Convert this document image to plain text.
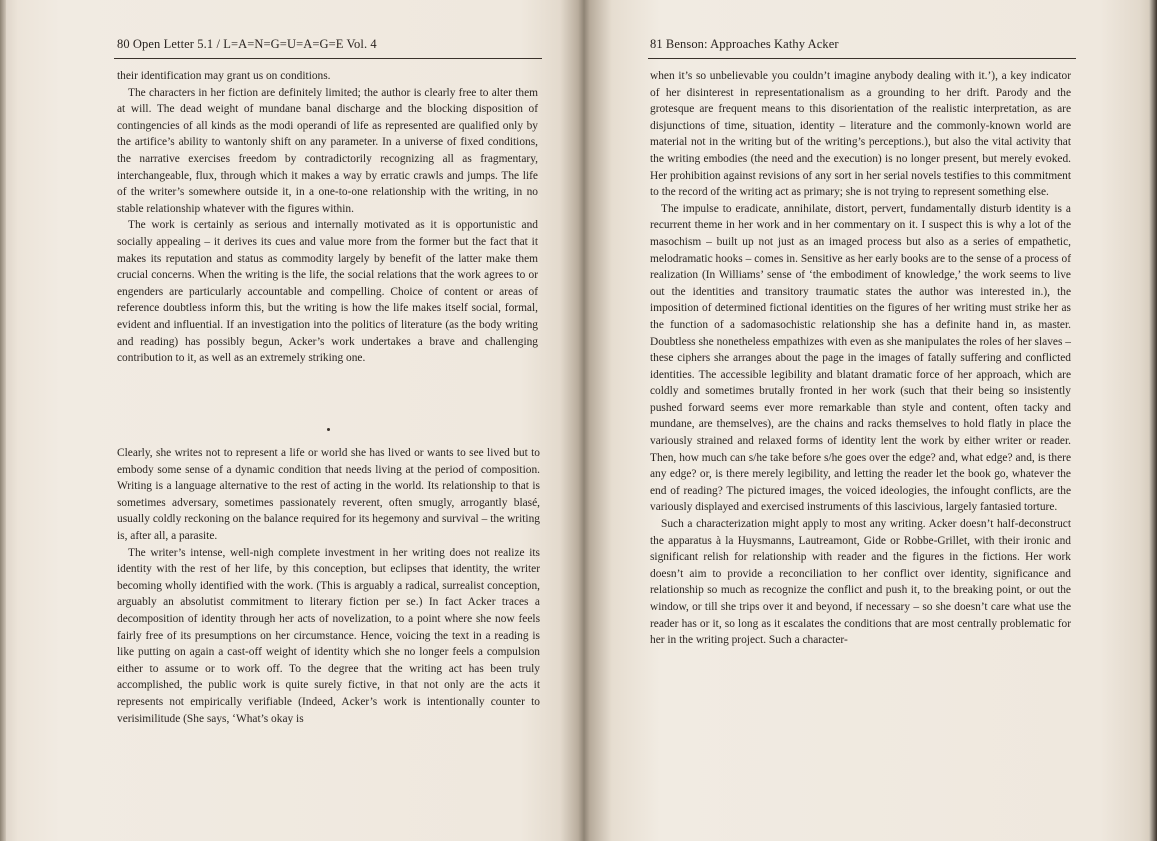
80 Open Letter 5.1 / L=A=N=G=U=A=G=E Vol. 4

their identification may grant us on conditions.

The characters in her fiction are definitely limited; the author is clearly free to alter them at will. The dead weight of mundane banal discharge and the blocking disposition of contingencies of all kinds as the modi operandi of life as represented are qualified only by the artifice’s ability to wantonly shift on any parameter. In a universe of fixed conditions, the narrative exercises freedom by contradictorily recognizing all as fragmentary, interchangeable, flux, through which it makes a way by erratic crawls and jumps. The life of the writer’s somewhere outside it, in a one-to-one relationship with the writing, in no stable relationship whatever with the figures within.

The work is certainly as serious and internally motivated as it is opportunistic and socially appealing – it derives its cues and value more from the former but the fact that it makes its reputation and status as commodity largely by benefit of the latter make them crucial concerns. When the writing is the life, the social relations that the work agrees to or engenders are particularly accountable and compelling. Choice of content or areas of reference doubtless inform this, but the writing is how the life makes itself social, formal, evident and influential. If an investigation into the politics of literature (as the body writing and reading) has possibly begun, Acker’s work undertakes a brave and challenging contribution to it, as well as an extremely striking one.

Clearly, she writes not to represent a life or world she has lived or wants to see lived but to embody some sense of a dynamic condition that needs living at the period of composition. Writing is a language alternative to the rest of acting in the world. Its relationship to that is sometimes adversary, sometimes passionately reverent, often smugly, arrogantly blasé, usually coldly reckoning on the balance required for its hegemony and survival – the writing is, after all, a parasite.

The writer’s intense, well-nigh complete investment in her writing does not realize its identity with the rest of her life, by this conception, but eclipses that identity, the writer becoming wholly identified with the work. (This is arguably a radical, surrealist conception, arguably an absolutist commitment to literary fiction per se.) In fact Acker traces a decomposition of identity through her acts of novelization, to a point where she now feels fairly free of its presumptions on her circumstance. Hence, voicing the text in a reading is like putting on again a cast-off weight of identity which she no longer feels a compulsion either to assume or to work off. To the degree that the writing act has been truly accomplished, the public work is quite surely fictive, in that not only are the acts it represents not empirically verifiable (Indeed, Acker’s work is intentionally counter to verisimilitude (She says, ‘What’s okay is

81 Benson: Approaches Kathy Acker

when it’s so unbelievable you couldn’t imagine anybody dealing with it.’), a key indicator of her disinterest in representationalism as a grounding to her drift. Parody and the grotesque are frequent means to this disorientation of the realistic interpretation, as are disjunctions of time, situation, identity – literature and the commonly-known world are material not in the writing but of the writing’s perceptions.), but also the vital activity that the writing embodies (the need and the execution) is no longer present, but merely evoked. Her prohibition against revisions of any sort in her serial novels testifies to this commitment to the record of the writing act as primary; she is not trying to represent something else.

The impulse to eradicate, annihilate, distort, pervert, fundamentally disturb identity is a recurrent theme in her work and in her commentary on it. I suspect this is why a lot of the masochism – built up not just as an imaged process but also as a series of empathetic, melodramatic hooks – comes in. Sensitive as her early books are to the sense of a process of realization (In Williams’ sense of ‘the embodiment of knowledge,’ the work seems to live out the identities and transitory traumatic states the author was interested in.), the imposition of determined fictional identities on the figures of her writing must strike her as the function of a sadomasochistic relationship she has a definite hand in, as master. Doubtless she nonetheless empathizes with even as she manipulates the roles of her slaves – these ciphers she arranges about the page in the images of fatally suffering and conflicted identities. The accessible legibility and blatant dramatic force of her approach, which are coldly and sometimes brutally fronted in her work (such that their being so insistently pushed forward seems ever more remarkable than style and content, often tacky and mundane, are themselves), are the chains and racks themselves to hold flatly in place the variously strained and relaxed forms of identity lent the work by either writer or reader. Then, how much can s/he take before s/he goes over the edge? and, what edge? and, is there any edge? or, is there merely legibility, and letting the reader let the book go, whatever the end of reading? The pictured images, the voiced ideologies, the infought conflicts, are the variously displayed and exercised instruments of this lascivious, largely fantasied torture.

Such a characterization might apply to most any writing. Acker doesn’t half-deconstruct the apparatus à la Huysmanns, Lautreamont, Gide or Robbe-Grillet, with their ironic and significant relish for relationship with reader and the figures in the fictions. Her work doesn’t aim to provide a reconciliation to her conflict over identity, significance and relationship so much as recognize the conflict and push it, to the breaking point, or out the window, or till she trips over it and beyond, if necessary – so she doesn’t care what use the reader has or it, so long as it escalates the conditions that are most centrally problematic for her in the writing project. Such a character-
